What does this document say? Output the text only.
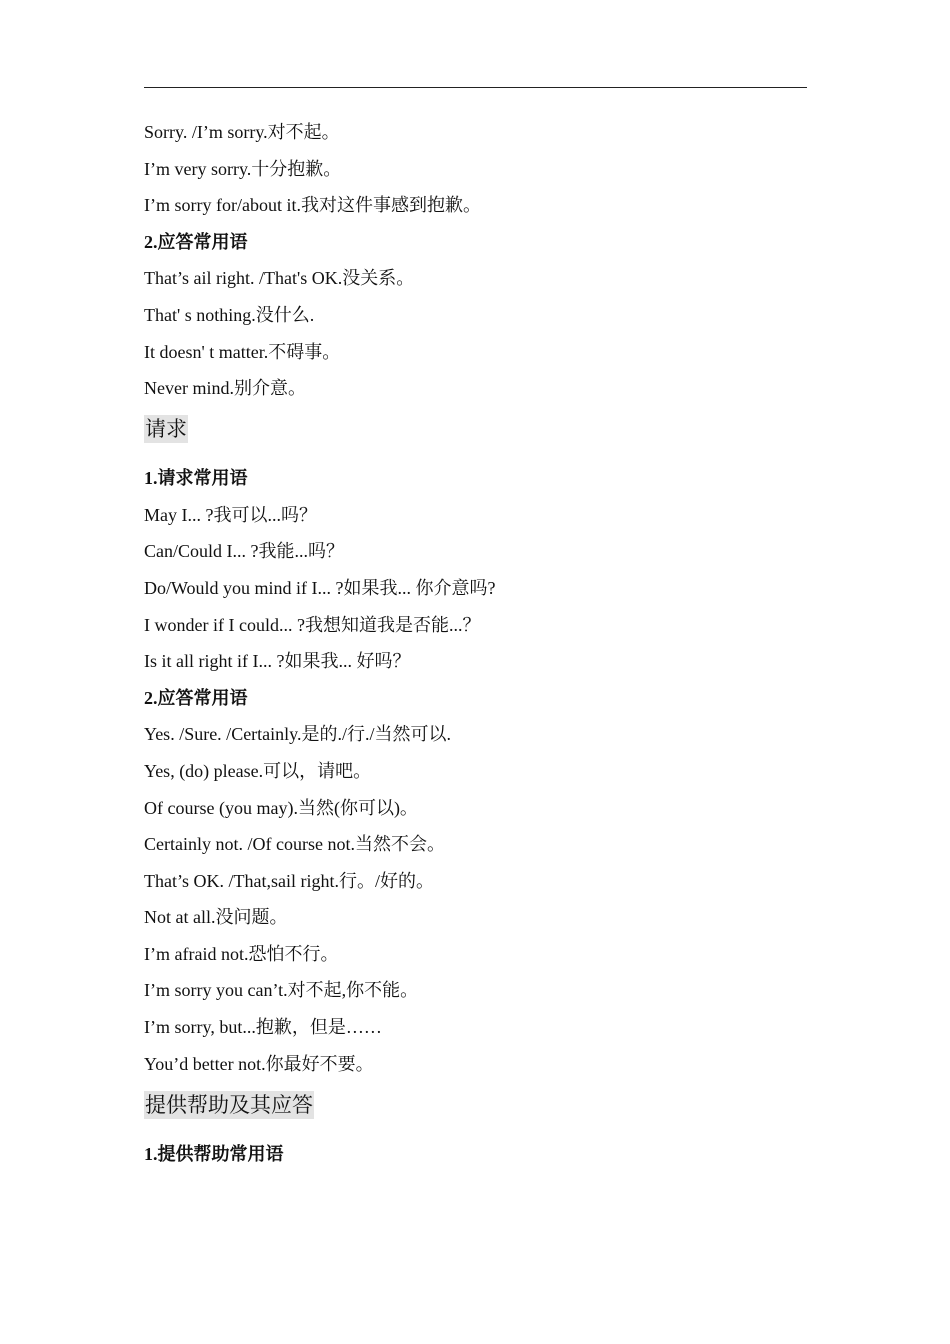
Sorry. /I’m sorry.对不起。
I’m very sorry.十分抱歉。
I’m sorry for/about it.我对这件事感到抱歉。
2.应答常用语
That’s ail right. /That's OK.没关系。
That' s nothing.没什么.
It doesn' t matter.不碍事。
Never mind.别介意。
请求
1.请求常用语
May I... ?我可以...吗？
Can/Could I... ?我能...吗？
Do/Would you mind if I... ?如果我... 你介意吗?
I wonder if I could... ?我想知道我是否能...？
Is it all right if I... ?如果我... 好吗？
2.应答常用语
Yes. /Sure. /Certainly.是的./行./当然可以.
Yes, (do) please.可以，请吧。
Of course (you may).当然(你可以)。
Certainly not. /Of course not.当然不会。
That’s OK. /That,sail right.行。/好的。
Not at all.没问题。
I’m afraid not.恐怕不行。
I’m sorry you can’t.对不起,你不能。
I’m sorry, but...抱歉，但是……
You’d better not.你最好不要。
提供帮助及其应答
1.提供帮助常用语
